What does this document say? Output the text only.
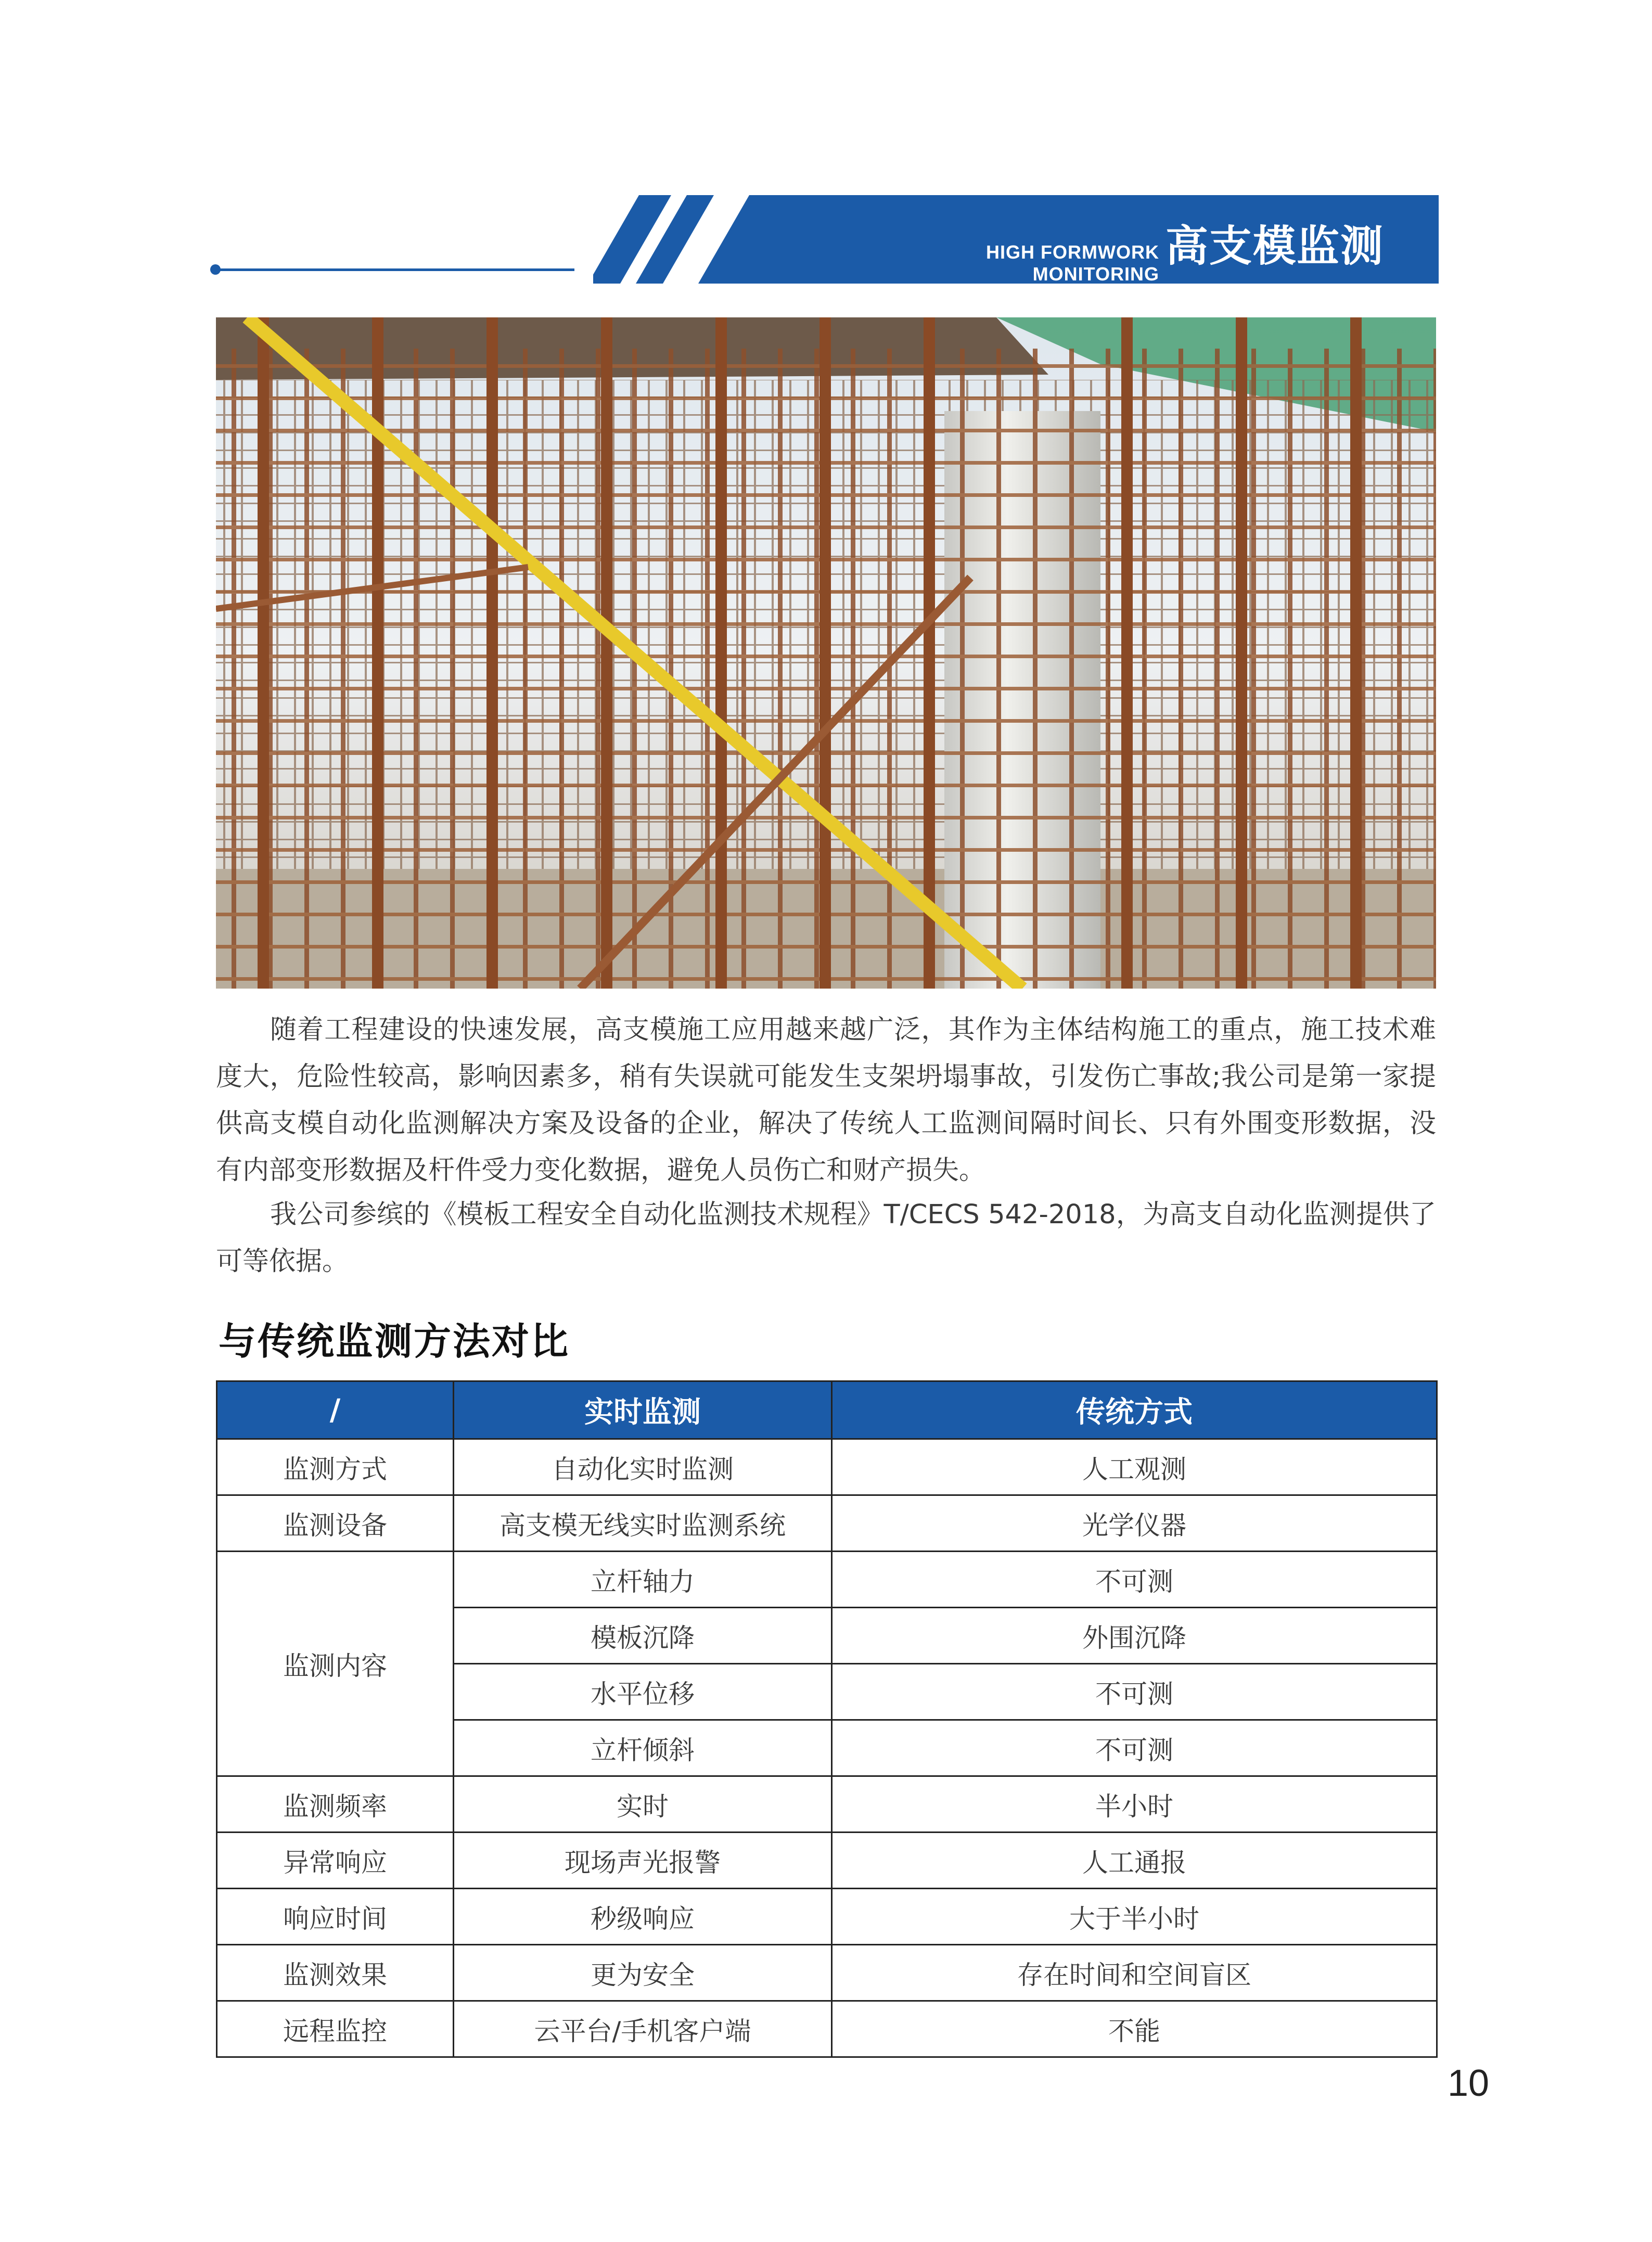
HIGH FORMWORK MONITORING
高支模监测
随着工程建设的快速发展，高支模施工应用越来越广泛，其作为主体结构施工的重点，施工技术难度大，危险性较高，影响因素多，稍有失误就可能发生支架坍塌事故，引发伤亡事故;我公司是第一家提供高支模自动化监测解决方案及设备的企业，解决了传统人工监测间隔时间长、只有外围变形数据，没有内部变形数据及杆件受力变化数据，避免人员伤亡和财产损失。
我公司参缤的《模板工程安全自动化监测技术规程》T/CECS 542-2018，为高支自动化监测提供了可等依据。
与传统监测方法对比
/	实时监测	传统方式
监测方式	自动化实时监测	人工观测
监测设备	高支模无线实时监测系统	光学仪器
监测内容	立杆轴力	不可测
	模板沉降	外围沉降
	水平位移	不可测
	立杆倾斜	不可测
监测频率	实时	半小时
异常响应	现场声光报警	人工通报
响应时间	秒级响应	大于半小时
监测效果	更为安全	存在时间和空间盲区
远程监控	云平台/手机客户端	不能
10
